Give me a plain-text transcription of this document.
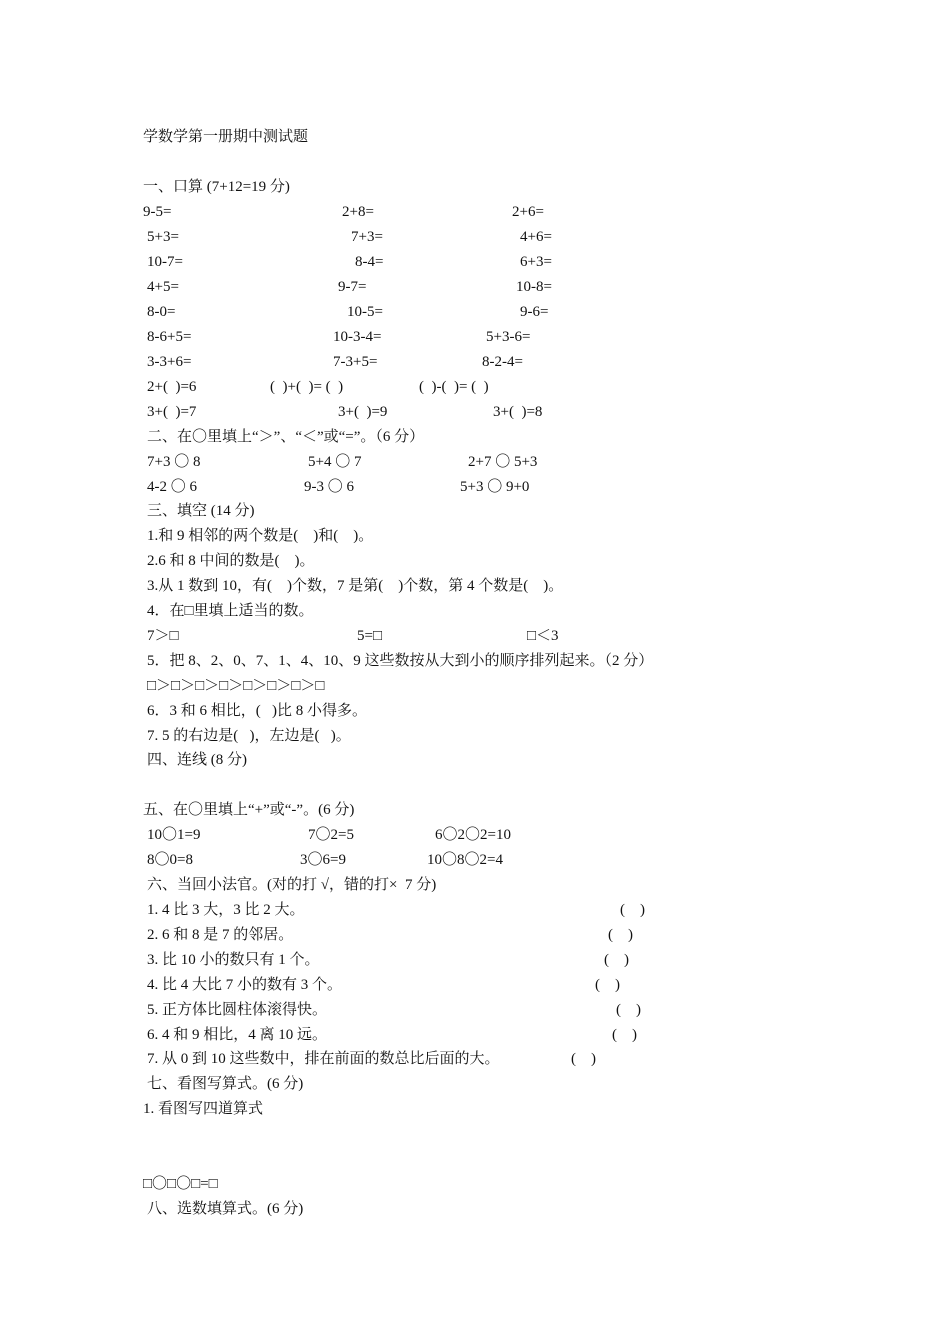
学数学第一册期中测试题
一、口算 (7+12=19 分)
9-5=	2+8=	2+6=
5+3=	7+3=	4+6=
10-7=	8-4=	6+3=
4+5=	9-7=	10-8=
8-0=	10-5=	9-6=
8-6+5=	10-3-4=	5+3-6=
3-3+6=	7-3+5=	8-2-4=
2+(  )=6	(  )+(  )= (  )	(  )-(  )= (  )
3+(  )=7	3+(  )=9	3+(  )=8
二、在〇里填上“＞”、“＜”或“=”。（6 分）
7+3 〇 8	5+4 〇 7	2+7 〇 5+3
4-2 〇 6	9-3 〇 6	5+3 〇 9+0
三、填空 (14 分)
1.和 9 相邻的两个数是(    )和(    )。
2.6 和 8 中间的数是(    )。
3.从 1 数到 10，有(    )个数，7 是第(    )个数，第 4 个数是(    )。
4．在□里填上适当的数。
7＞□	5=□	□＜3
5．把 8、2、0、7、1、4、10、9 这些数按从大到小的顺序排列起来。（2 分）
□＞□＞□＞□＞□＞□＞□＞□
6．3 和 6 相比，(   )比 8 小得多。
7. 5 的右边是(   )，左边是(   )。
四、连线 (8 分)
五、在〇里填上“+”或“-”。(6 分)
10〇1=9	7〇2=5	6〇2〇2=10
8〇0=8	3〇6=9	10〇8〇2=4
六、当回小法官。(对的打 √，错的打×  7 分)
1. 4 比 3 大，3 比 2 大。	(    )
2. 6 和 8 是 7 的邻居。	(    )
3. 比 10 小的数只有 1 个。	(    )
4. 比 4 大比 7 小的数有 3 个。	(    )
5. 正方体比圆柱体滚得快。	(    )
6. 4 和 9 相比，4 离 10 远。	(    )
7. 从 0 到 10 这些数中，排在前面的数总比后面的大。	(    )
七、看图写算式。(6 分)
1. 看图写四道算式
□〇□〇□=□
八、选数填算式。(6 分)
